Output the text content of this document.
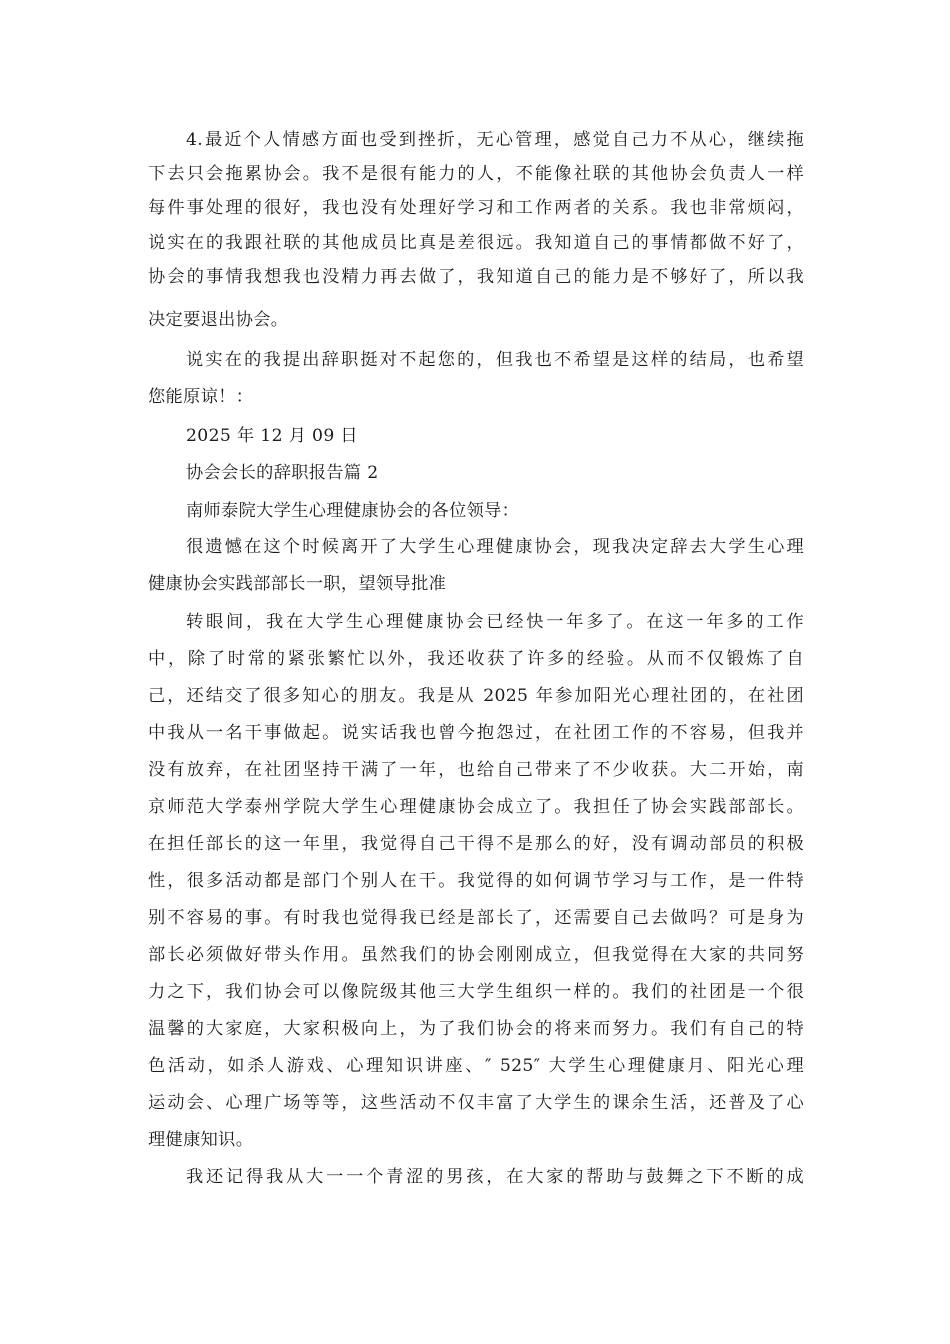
4.最近个人情感方面也受到挫折，无心管理，感觉自己力不从心，继续拖
下去只会拖累协会。我不是很有能力的人，不能像社联的其他协会负责人一样
每件事处理的很好，我也没有处理好学习和工作两者的关系。我也非常烦闷，
说实在的我跟社联的其他成员比真是差很远。我知道自己的事情都做不好了，
协会的事情我想我也没精力再去做了，我知道自己的能力是不够好了，所以我
决定要退出协会。
说实在的我提出辞职挺对不起您的，但我也不希望是这样的结局，也希望
您能原谅！：
2025 年 12 月 09 日
协会会长的辞职报告篇 2
南师泰院大学生心理健康协会的各位领导：
很遗憾在这个时候离开了大学生心理健康协会，现我决定辞去大学生心理
健康协会实践部部长一职，望领导批准
转眼间，我在大学生心理健康协会已经快一年多了。在这一年多的工作
中，除了时常的紧张繁忙以外，我还收获了许多的经验。从而不仅锻炼了自
己，还结交了很多知心的朋友。我是从 2025 年参加阳光心理社团的，在社团
中我从一名干事做起。说实话我也曾今抱怨过，在社团工作的不容易，但我并
没有放弃，在社团坚持干满了一年，也给自己带来了不少收获。大二开始，南
京师范大学泰州学院大学生心理健康协会成立了。我担任了协会实践部部长。
在担任部长的这一年里，我觉得自己干得不是那么的好，没有调动部员的积极
性，很多活动都是部门个别人在干。我觉得的如何调节学习与工作，是一件特
别不容易的事。有时我也觉得我已经是部长了，还需要自己去做吗？可是身为
部长必须做好带头作用。虽然我们的协会刚刚成立，但我觉得在大家的共同努
力之下，我们协会可以像院级其他三大学生组织一样的。我们的社团是一个很
温馨的大家庭，大家积极向上，为了我们协会的将来而努力。我们有自己的特
色活动，如杀人游戏、心理知识讲座、″ 525″ 大学生心理健康月、阳光心理
运动会、心理广场等等，这些活动不仅丰富了大学生的课余生活，还普及了心
理健康知识。
我还记得我从大一一个青涩的男孩，在大家的帮助与鼓舞之下不断的成
